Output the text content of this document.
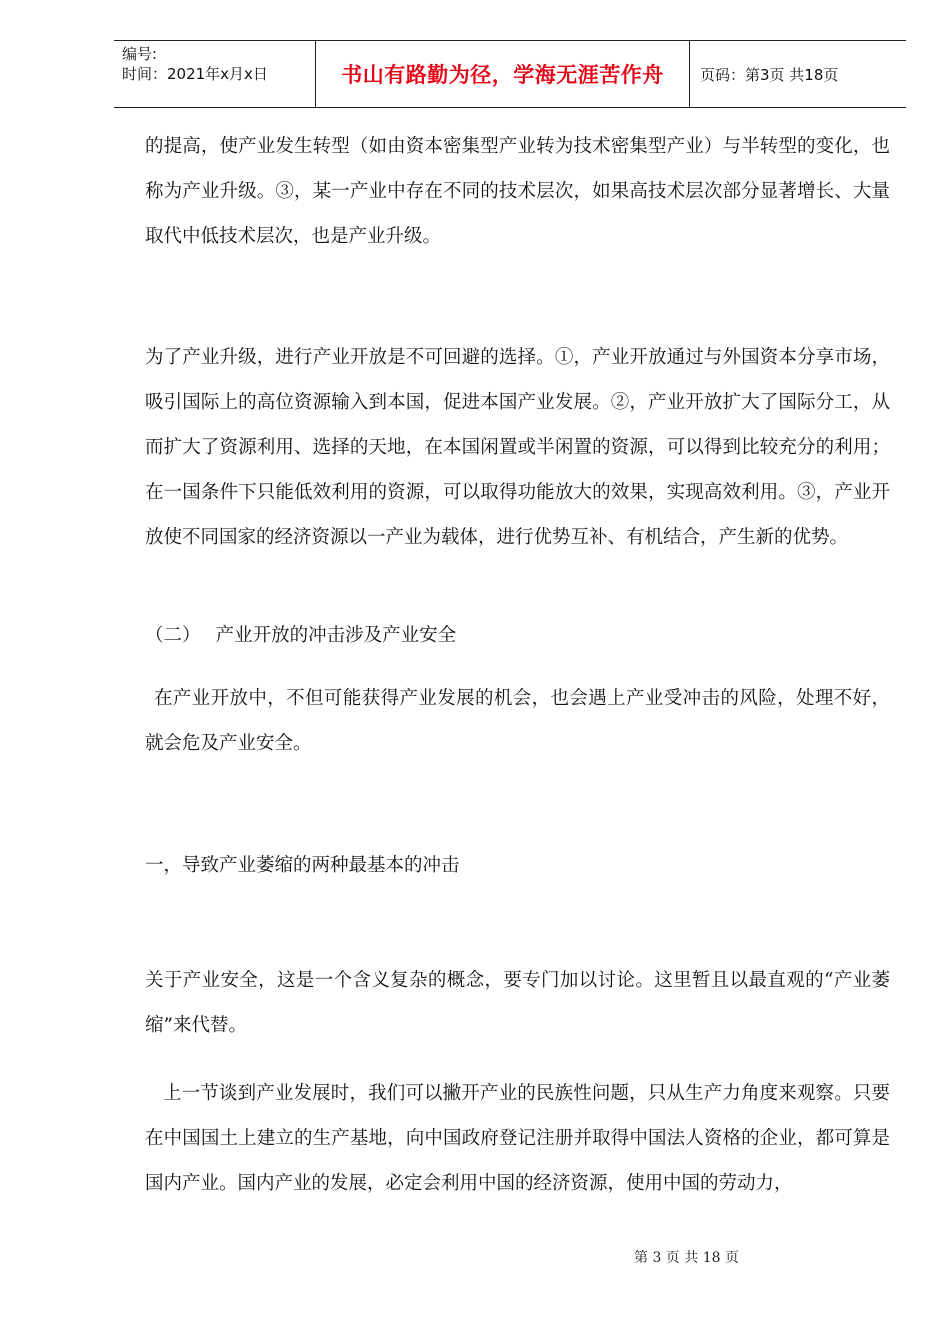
编号:
时间：2021年x月x日	书山有路勤为径，学海无涯苦作舟 页码：第3页 共18页

的提高，使产业发生转型（如由资本密集型产业转为技术密集型产业）与半转型的变化，也称为产业升级。③，某一产业中存在不同的技术层次，如果高技术层次部分显著增长、大量取代中低技术层次，也是产业升级。

为了产业升级，进行产业开放是不可回避的选择。①，产业开放通过与外国资本分享市场，吸引国际上的高位资源输入到本国，促进本国产业发展。②，产业开放扩大了国际分工，从而扩大了资源利用、选择的天地，在本国闲置或半闲置的资源，可以得到比较充分的利用；在一国条件下只能低效利用的资源，可以取得功能放大的效果，实现高效利用。③，产业开放使不同国家的经济资源以一产业为载体，进行优势互补、有机结合，产生新的优势。

（二）　 产业开放的冲击涉及产业安全

在产业开放中，不但可能获得产业发展的机会，也会遇上产业受冲击的风险，处理不好，就会危及产业安全。

一，导致产业萎缩的两种最基本的冲击

关于产业安全，这是一个含义复杂的概念，要专门加以讨论。这里暂且以最直观的“产业萎缩”来代替。

上一节谈到产业发展时，我们可以撇开产业的民族性问题，只从生产力角度来观察。只要在中国国土上建立的生产基地，向中国政府登记注册并取得中国法人资格的企业，都可算是国内产业。国内产业的发展，必定会利用中国的经济资源，使用中国的劳动力，

第 3 页 共 18 页
